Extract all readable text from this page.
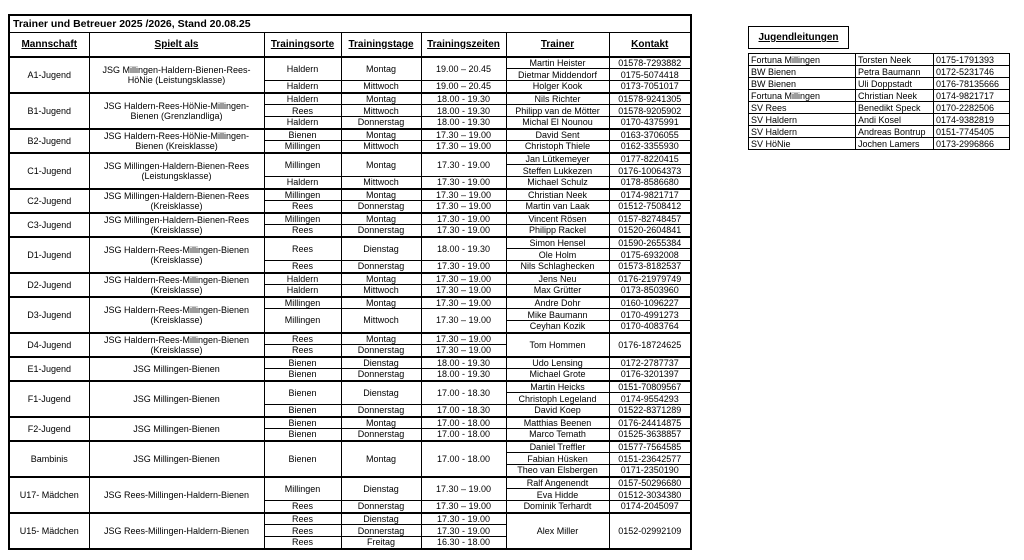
Trainer und Betreuer 2025 /2026, Stand 20.08.25						
Mannschaft	Spielt als	Trainingsorte	Trainingstage	Trainingszeiten	Trainer	Kontakt
A1-Jugend	JSG Millingen-Haldern-Bienen-Rees-HöNie (Leistungsklasse)	Haldern	Montag	19.00 – 20.45	Martin Heister	01578-7293882
					Dietmar Middendorf	0175-5074418
		Haldern	Mittwoch	19.00 – 20.45	Holger Kook	0173-7051017
B1-Jugend	JSG Haldern-Rees-HöNie-Millingen-Bienen (Grenzlandliga)	Haldern	Montag	18.00 - 19.30	Nils Richter	01578-9241305
		Rees	Mittwoch	18.00 - 19.30	Philipp van de Mötter	01578-9205902
		Haldern	Donnerstag	18.00 - 19.30	Michal El Nounou	0170-4375991
B2-Jugend	JSG Haldern-Rees-HöNie-Millingen-Bienen (Kreisklasse)	Bienen	Montag	17.30 – 19.00	David Sent	0163-3706055
		Millingen	Mittwoch	17.30 – 19.00	Christoph Thiele	0162-3355930
C1-Jugend	JSG Millingen-Haldern-Bienen-Rees (Leistungsklasse)	Millingen	Montag	17.30 - 19.00	Jan Lütkemeyer	0177-8220415
					Steffen Lukkezen	0176-10064373
		Haldern	Mittwoch	17.30 - 19.00	Michael Schulz	0178-8586680
C2-Jugend	JSG Millingen-Haldern-Bienen-Rees (Kreisklasse)	Millingen	Montag	17.30 – 19.00	Christian Neek	0174-9821717
		Rees	Donnerstag	17.30 – 19.00	Martin van Laak	01512-7508412
C3-Jugend	JSG Millingen-Haldern-Bienen-Rees (Kreisklasse)	Millingen	Montag	17.30 - 19.00	Vincent Rösen	0157-82748457
		Rees	Donnerstag	17.30 - 19.00	Philipp Rackel	01520-2604841
D1-Jugend	JSG Haldern-Rees-Millingen-Bienen (Kreisklasse)	Rees	Dienstag	18.00 - 19.30	Simon Hensel	01590-2655384
					Ole Holm	0175-6932008
		Rees	Donnerstag	17.30 - 19.00	Nils Schlaghecken	01573-8182537
D2-Jugend	JSG Haldern-Rees-Millingen-Bienen (Kreisklasse)	Haldern	Montag	17.30 – 19.00	Jens Neu	0176-21979749
		Haldern	Mittwoch	17.30 – 19.00	Max Grütter	0173-8503960
D3-Jugend	JSG Haldern-Rees-Millingen-Bienen (Kreisklasse)	Millingen	Montag	17.30 – 19.00	Andre Dohr	0160-1096227
		Millingen	Mittwoch	17.30 – 19.00	Mike Baumann	0170-4991273
					Ceyhan Kozik	0170-4083764
D4-Jugend	JSG Haldern-Rees-Millingen-Bienen (Kreisklasse)	Rees	Montag	17.30 – 19.00	Tom Hommen	0176-18724625
		Rees	Donnerstag	17.30 – 19.00		
E1-Jugend	JSG Millingen-Bienen	Bienen	Dienstag	18.00 - 19.30	Udo Lensing	0172-2787737
		Bienen	Donnerstag	18.00 - 19.30	Michael Grote	0176-3201397
F1-Jugend	JSG Millingen-Bienen	Bienen	Dienstag	17.00 - 18.30	Martin Heicks	0151-70809567
					Christoph Legeland	0174-9554293
		Bienen	Donnerstag	17.00 - 18.30	David Koep	01522-8371289
F2-Jugend	JSG Millingen-Bienen	Bienen	Montag	17.00 - 18.00	Matthias Beenen	0176-24414875
		Bienen	Donnerstag	17.00 - 18.00	Marco Temath	01525-3638857
Bambinis	JSG Millingen-Bienen	Bienen	Montag	17.00 - 18.00	Daniel Treffler	01577-7564585
					Fabian Hüsken	0151-23642577
					Theo van Elsbergen	0171-2350190
U17- Mädchen	JSG Rees-Millingen-Haldern-Bienen	Millingen	Dienstag	17.30 – 19.00	Ralf Angenendt	0157-50296680
					Eva Hidde	01512-3034380
		Rees	Donnerstag	17.30 – 19.00	Dominik Terhardt	0174-2045097
U15- Mädchen	JSG Rees-Millingen-Haldern-Bienen	Rees	Dienstag	17.30 - 19.00	Alex Miller	0152-02992109
		Rees	Donnerstag	17.30 - 19.00		
		Rees	Freitag	16.30 - 18.00		
Jugendleitungen
Fortuna Millingen	Torsten Neek	0175-1791393
BW Bienen	Petra Baumann	0172-5231746
BW Bienen	Uli Doppstadt	0176-78135666
Fortuna Millingen	Christian Neek	0174-9821717
SV Rees	Benedikt Speck	0170-2282506
SV Haldern	Andi Kosel	0174-9382819
SV Haldern	Andreas Bontrup	0151-7745405
SV HöNie	Jochen Lamers	0173-2996866
